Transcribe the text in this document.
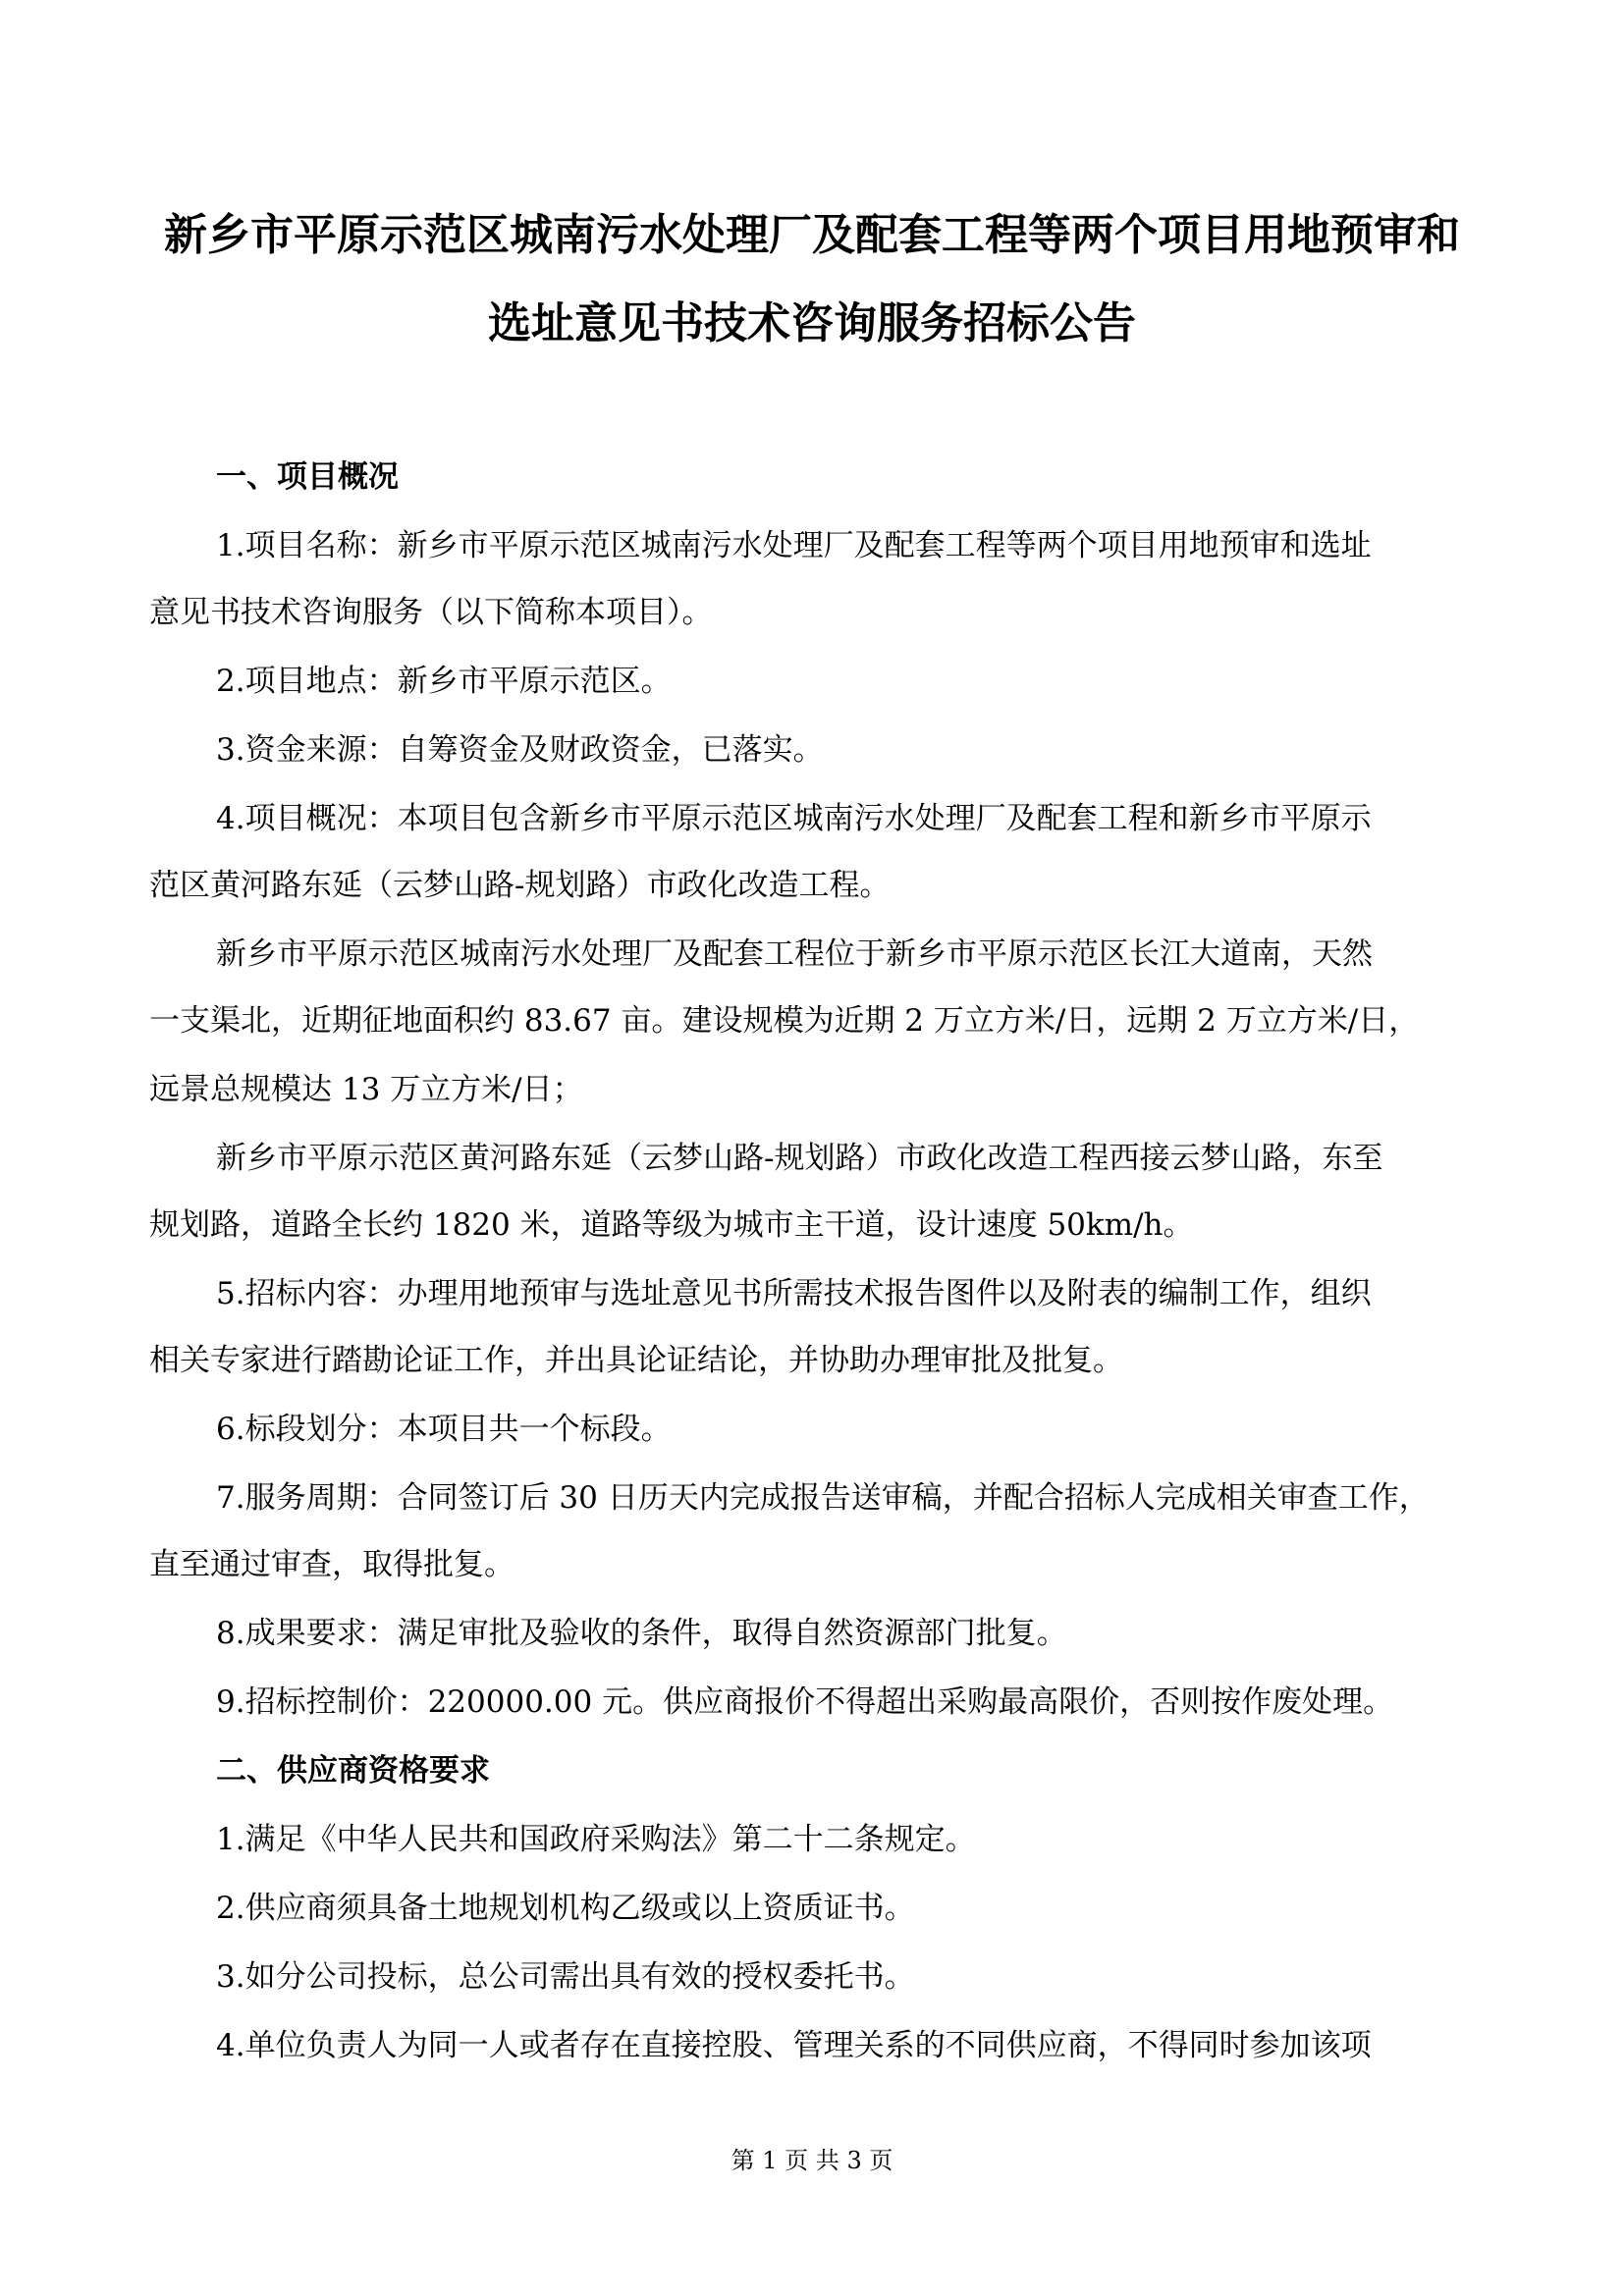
新乡市平原示范区城南污水处理厂及配套工程等两个项目用地预审和
选址意见书技术咨询服务招标公告
一、项目概况
1.项目名称：新乡市平原示范区城南污水处理厂及配套工程等两个项目用地预审和选址
意见书技术咨询服务（以下简称本项目）。
2.项目地点：新乡市平原示范区。
3.资金来源：自筹资金及财政资金，已落实。
4.项目概况：本项目包含新乡市平原示范区城南污水处理厂及配套工程和新乡市平原示
范区黄河路东延（云梦山路-规划路）市政化改造工程。
新乡市平原示范区城南污水处理厂及配套工程位于新乡市平原示范区长江大道南，天然
一支渠北，近期征地面积约 83.67 亩。建设规模为近期 2 万立方米/日，远期 2 万立方米/日，
远景总规模达 13 万立方米/日；
新乡市平原示范区黄河路东延（云梦山路-规划路）市政化改造工程西接云梦山路，东至
规划路，道路全长约 1820 米，道路等级为城市主干道，设计速度 50km/h。
5.招标内容：办理用地预审与选址意见书所需技术报告图件以及附表的编制工作，组织
相关专家进行踏勘论证工作，并出具论证结论，并协助办理审批及批复。
6.标段划分：本项目共一个标段。
7.服务周期：合同签订后 30 日历天内完成报告送审稿，并配合招标人完成相关审查工作，
直至通过审查，取得批复。
8.成果要求：满足审批及验收的条件，取得自然资源部门批复。
9.招标控制价：220000.00 元。供应商报价不得超出采购最高限价，否则按作废处理。
二、供应商资格要求
1.满足《中华人民共和国政府采购法》第二十二条规定。
2.供应商须具备土地规划机构乙级或以上资质证书。
3.如分公司投标，总公司需出具有效的授权委托书。
4.单位负责人为同一人或者存在直接控股、管理关系的不同供应商，不得同时参加该项
第 1 页 共 3 页
